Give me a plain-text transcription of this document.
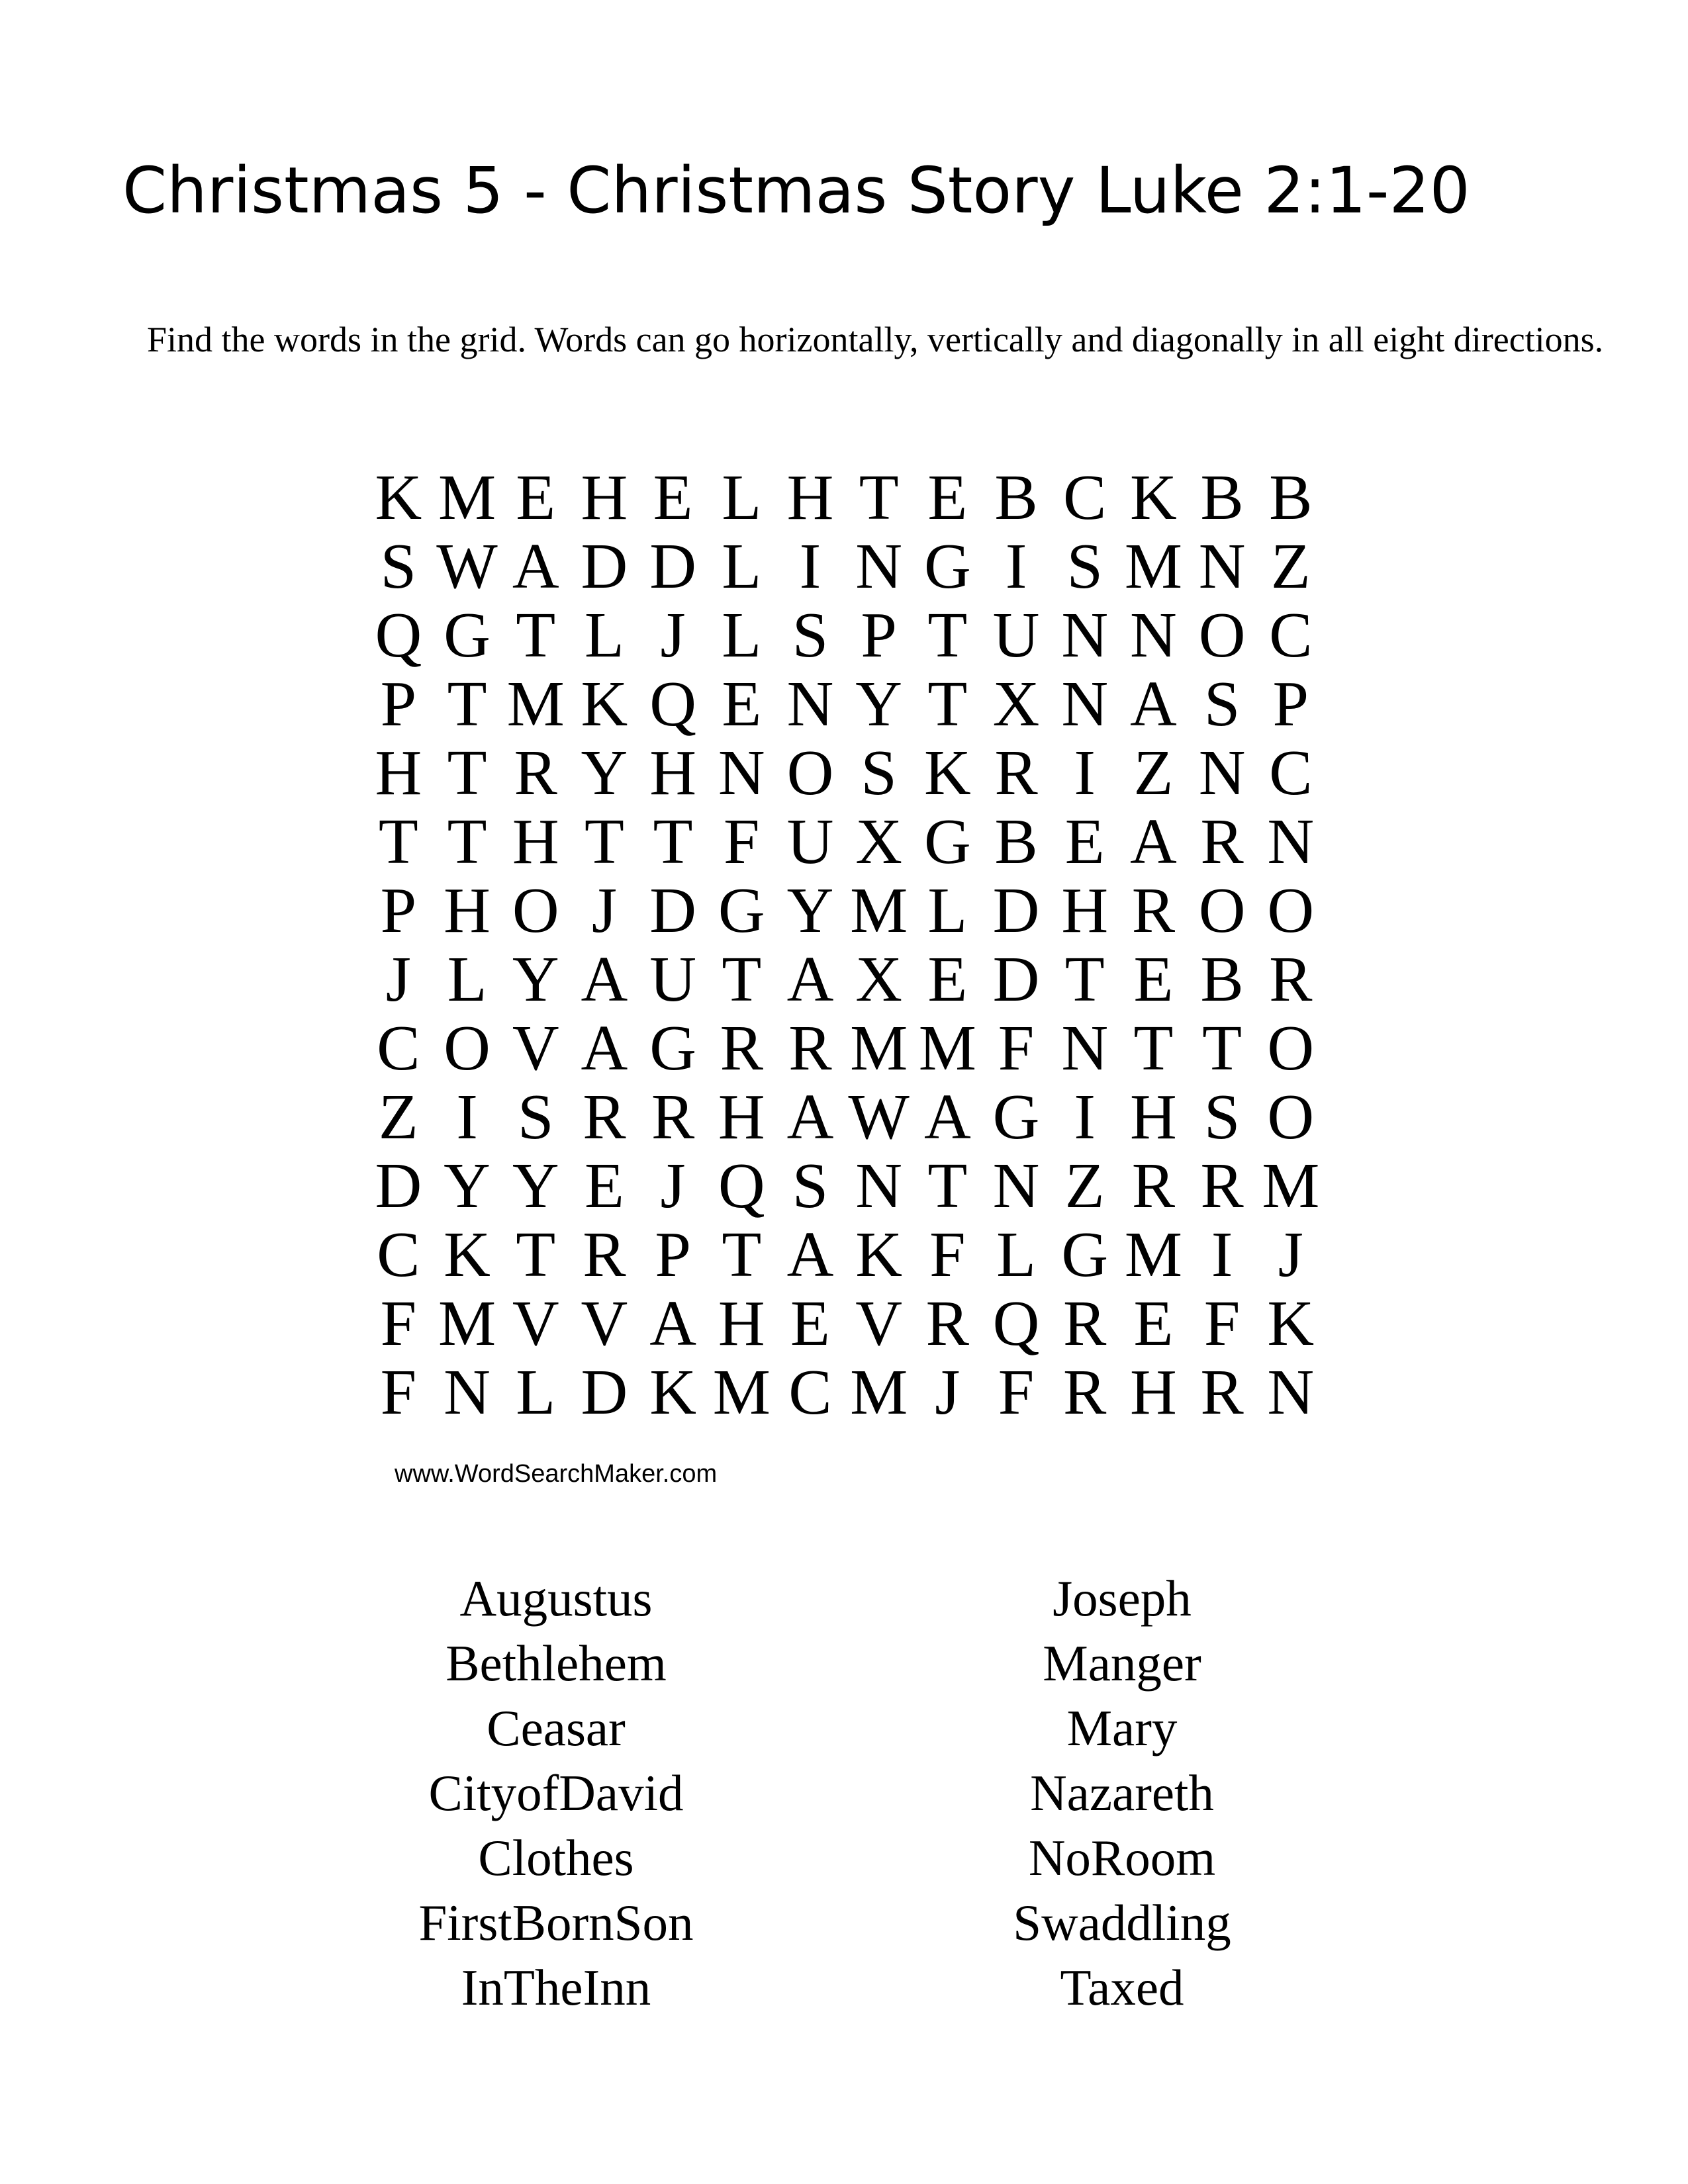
Christmas 5 - Christmas Story Luke 2:1-20
Find the words in the grid. Words can go horizontally, vertically and diagonally in all eight directions.
K M E H E L H T E B C K B B
S W A D D L I N G I S M N Z
Q G T L J L S P T U N N O C
P T M K Q E N Y T X N A S P
H T R Y H N O S K R I Z N C
T T H T T F U X G B E A R N
P H O J D G Y M L D H R O O
J L Y A U T A X E D T E B R
C O V A G R R M M F N T T O
Z I S R R H A W A G I H S O
D Y Y E J Q S N T N Z R R M
C K T R P T A K F L G M I J
F M V V A H E V R Q R E F K
F N L D K M C M J F R H R N
www.WordSearchMaker.com
Augustus
Bethlehem
Ceasar
CityofDavid
Clothes
FirstBornSon
InTheInn
Joseph
Manger
Mary
Nazareth
NoRoom
Swaddling
Taxed
